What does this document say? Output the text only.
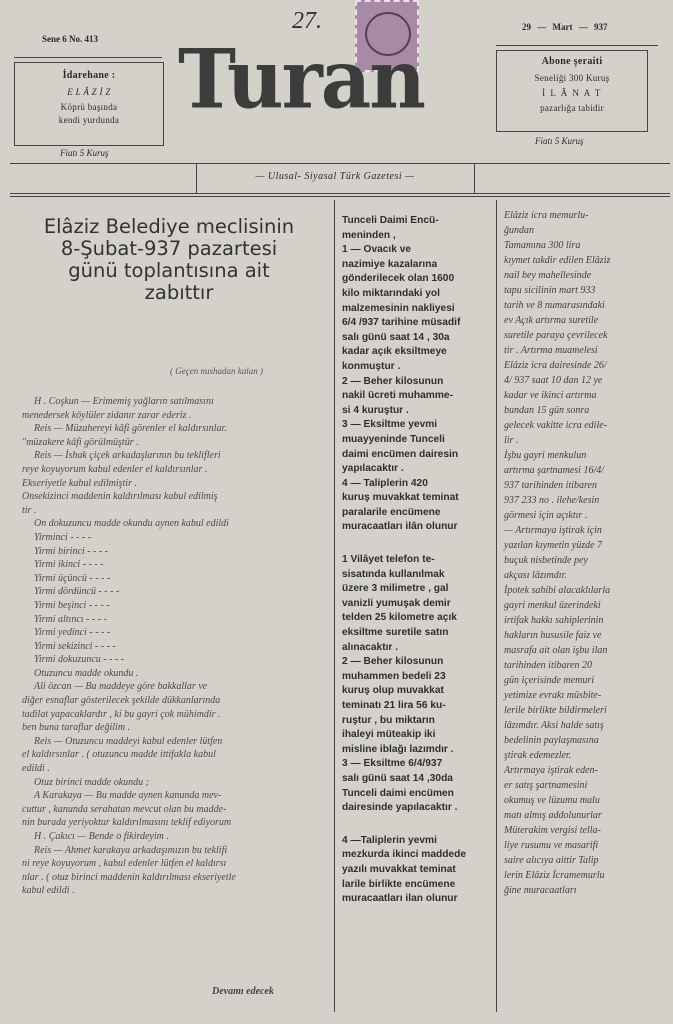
Sene 6 No. 413
27.	29 — Mart — 937
İdarehane :
E L Â Z İ Z
Köprü başında
kendi yurdunda
Fiatı 5 Kuruş
Turan	Abone şeraiti
Seneliği 300 Kuruş
İ L Â N A T
pazarlığa tabidir
Fiatı 5 Kuruş
— Ulusal- Siyasal Türk Gazetesi —
Elâziz Belediye meclisinin
8-Şubat-937 pazartesi
günü toplantısına ait
zabıttır
( Geçen nushadan kalan )

H . Coşkun — Erimemiş yağların satılmasını

menedersek köylüler zidanır zarar ederiz .

Reis — Müzahereyi kâfi görenler el kaldırsınlar.

"müzakere kâfi görülmüştür .

Reis — İshak çiçek arkadaşlarının bu teklifleri

reye koyuyorum kabul edenler el kaldırsınlar .

Ekseriyetle kabul edilmiştir .

Onsekizinci maddenin kaldırılması kabul edilmiş

tir .

On dokuzuncu madde okundu aynen kabul edildi

Yirminci - - - -

Yirmi birinci - - - -

Yirmi ikinci - - - -

Yirmi üçüncü - - - -

Yirmi dördüncü - - - -

Yirmi beşinci - - - -

Yirmi altıncı - - - -

Yirmi yedinci - - - -

Yirmi sekizinci - - - -

Yirmi dokuzuncu - - - -

Otuzuncu madde okundu .

Ali özcan — Bu maddeye göre bakkallar ve

diğer esnaflar gösterilecek şekilde dükkanlarında

tadilat yapacaklardır , ki bu gayri çok mühimdir .

ben buna taraflar değilim .

Reis — Otuzuncu maddeyi kabul edenler lütfen

el kaldırsınlar . ( otuzuncu madde ittifakla kabul

edildi .

Otuz birinci madde okundu ;

A Karakaya — Bu madde aynen kanunda mev-

cuttur , kanunda serahatan mevcut olan bu madde-

nin burada yeriyoktur kaldırılmasını teklif ediyorum

H . Çakıcı — Bende o fikirdeyim .

Reis — Ahmet karakaya arkadaşımızın bu teklifi

ni reye koyuyorum , kabul edenler lütfen el kaldırsı

nlar . ( otuz birinci maddenin kaldırılması ekseriyetle

kabul edildi .

Devamı edecek

Tunceli Daimi Encü-

meninden ,

1 — Ovacık ve

nazimiye kazalarına

gönderilecek olan 1600

kilo miktarındaki yol

malzemesinin nakliyesi

6/4 /937 tarihine müsadif

salı günü saat 14 , 30a

kadar açık eksiltmeye

konmuştur .

2 — Beher kilosunun

nakil ücreti muhamme-

si 4 kuruştur .

3 — Eksiltme yevmi

muayyeninde Tunceli

daimi encümen dairesin

yapılacaktır .

4 — Taliplerin 420

kuruş muvakkat teminat

paralarile encümene

muracaatları ilân olunur

1 Vilâyet telefon te-

sisatında kullanılmak

üzere 3 milimetre , gal

vanizli yumuşak demir

telden 25 kilometre açık

eksiltme suretile satın

alınacaktır .

2 — Beher kilosunun

muhammen bedeli 23

kuruş olup muvakkat

teminatı 21 lira 56 ku-

ruştur , bu miktarın

ihaleyi müteakip iki

misline iblağı lazımdır .

3 — Eksiltme 6/4/937

salı günü saat 14 ,30da

Tunceli daimi encümen

dairesinde yapılacaktır .

4 —Taliplerin yevmi

mezkurda ikinci maddede

yazılı muvakkat teminat

larile birlikte encümene

muracaatları ilan olunur

Elâziz icra memurlu-

ğundan

Tamamına 300 lira

kıymet takdir edilen Elâziz

nail bey mahellesinde

tapu sicilinin mart 933

tarih ve 8 numarasındaki

ev Açık artırma suretile

suretile paraya çevrilecek

tir . Artırma muamelesi

Elâziz icra dairesinde 26/

4/ 937 saat 10 dan 12 ye

kadar ve ikinci artırma

bundan 15 gün sonra

gelecek vakitte icra edile-

lir .

İşbu gayri menkulun

artırma şartnamesi 16/4/

937 tarihinden itibaren

937 233 no . ilehe/kesin

görmesi için açıktır .

— Artırmaya iştirak için

yazılan kıymetin yüzde 7

buçuk nisbetinde pey

akçası lâzımdır.

İpotek sahibi alacaklılarla

gayri menkul üzerindeki

irtifak hakkı sahiplerinin

hakların hususile faiz ve

masrafa ait olan işbu ilan

tarihinden itibaren 20

gün içerisinde memuri

yetimize evrakı müsbite-

lerile birlikte bildirmeleri

lâzımdır. Aksi halde satış

bedelinin paylaşmasına

ştirak edemezler.

Artırmaya iştirak eden-

er satış şartnamesini

okumuş ve lüzumu malu

matı almış addolunurlar

Müterakim vergisi tella-

liye rusumu ve masarifi

saire alıcıya aittir Talip

lerin Elâziz İcramemurlu

ğine muracaatları
